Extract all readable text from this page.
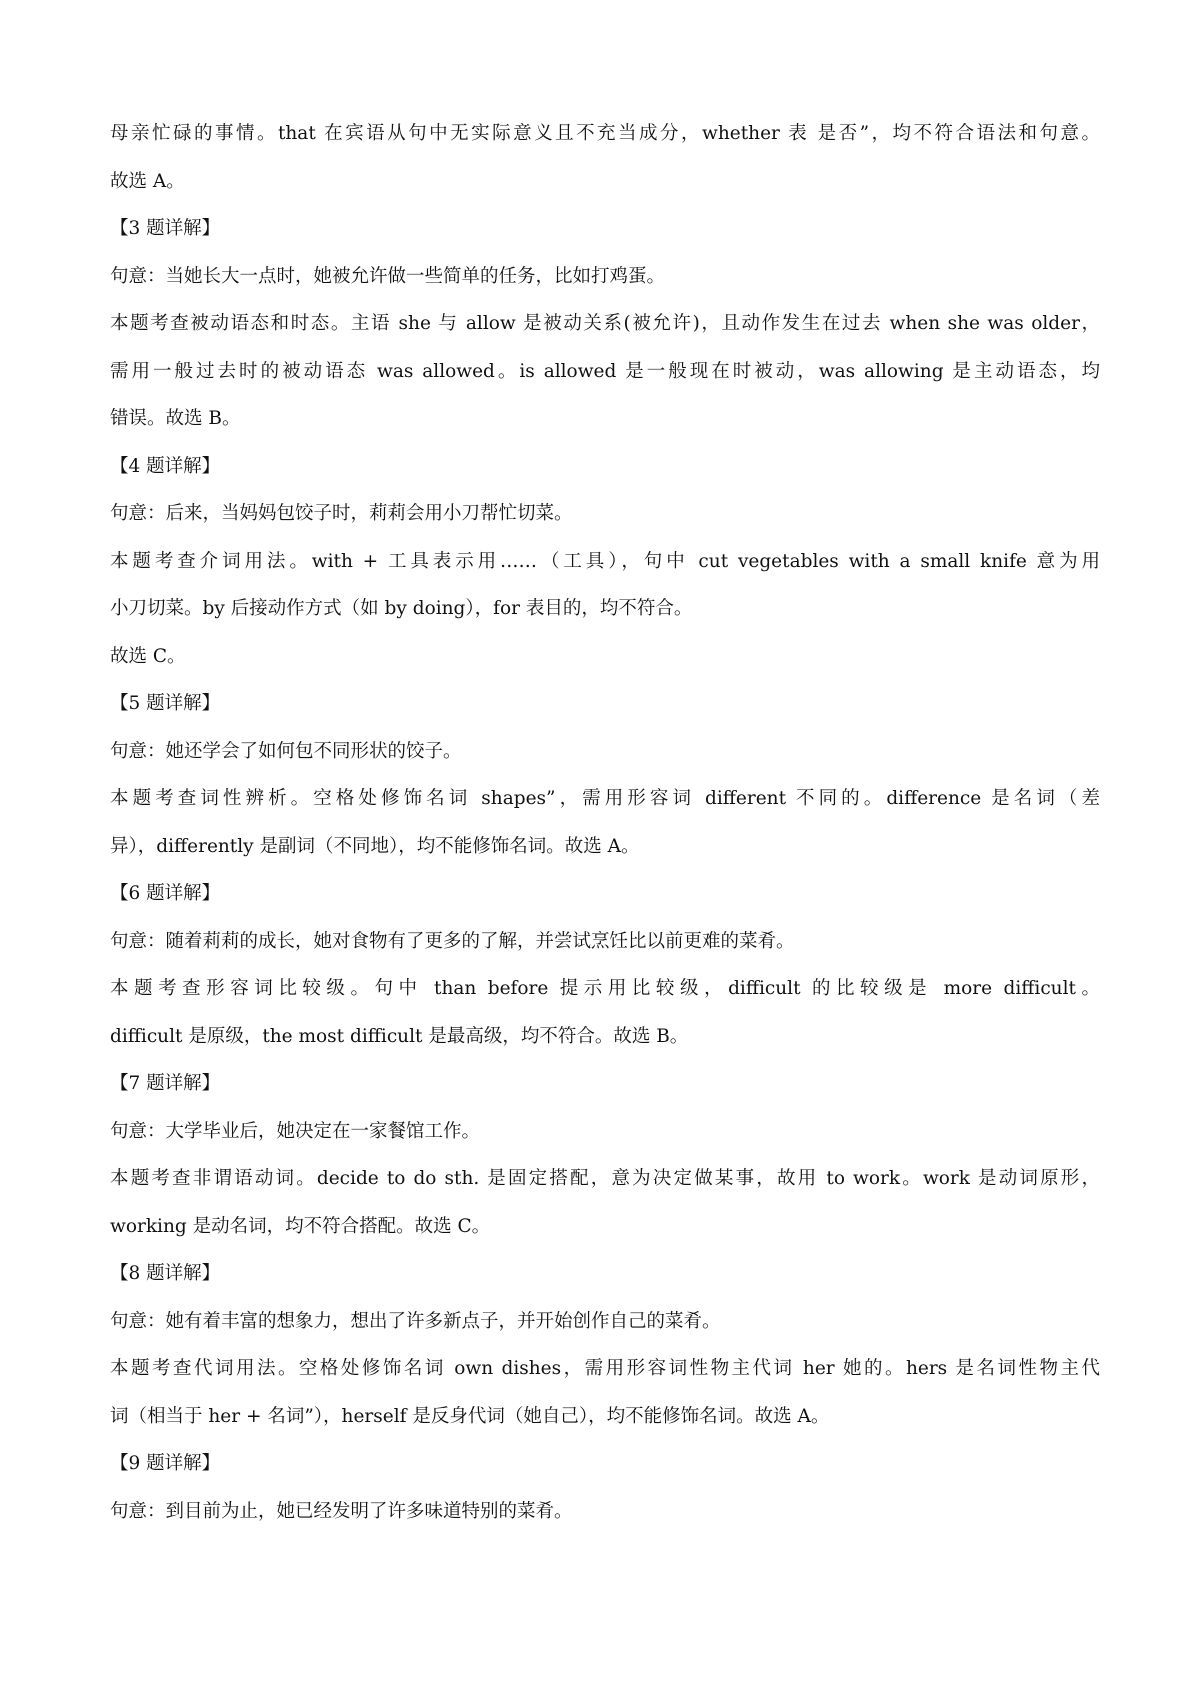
母亲忙碌的事情。that 在宾语从句中无实际意义且不充当成分，whether 表 是否”，均不符合语法和句意。
故选 A。
【3 题详解】
句意：当她长大一点时，她被允许做一些简单的任务，比如打鸡蛋。
本题考查被动语态和时态。主语 she 与 allow 是被动关系(被允许)，且动作发生在过去 when she was older，
需用一般过去时的被动语态 was allowed。is allowed 是一般现在时被动，was allowing 是主动语态，均
错误。故选 B。
【4 题详解】
句意：后来，当妈妈包饺子时，莉莉会用小刀帮忙切菜。
本题考查介词用法。with + 工具表示用……（工具），句中 cut vegetables with a small knife 意为用
小刀切菜。by 后接动作方式（如 by doing），for 表目的，均不符合。
故选 C。
【5 题详解】
句意：她还学会了如何包不同形状的饺子。
本题考查词性辨析。空格处修饰名词 shapes”，需用形容词 different 不同的。difference 是名词（差
异），differently 是副词（不同地），均不能修饰名词。故选 A。
【6 题详解】
句意：随着莉莉的成长，她对食物有了更多的了解，并尝试烹饪比以前更难的菜肴。
本题考查形容词比较级。句中 than before 提示用比较级，difficult 的比较级是 more difficult。
difficult 是原级，the most difficult 是最高级，均不符合。故选 B。
【7 题详解】
句意：大学毕业后，她决定在一家餐馆工作。
本题考查非谓语动词。decide to do sth. 是固定搭配，意为决定做某事，故用 to work。work 是动词原形，
working 是动名词，均不符合搭配。故选 C。
【8 题详解】
句意：她有着丰富的想象力，想出了许多新点子，并开始创作自己的菜肴。
本题考查代词用法。空格处修饰名词 own dishes，需用形容词性物主代词 her 她的。hers 是名词性物主代
词（相当于 her + 名词”），herself 是反身代词（她自己），均不能修饰名词。故选 A。
【9 题详解】
句意：到目前为止，她已经发明了许多味道特别的菜肴。
